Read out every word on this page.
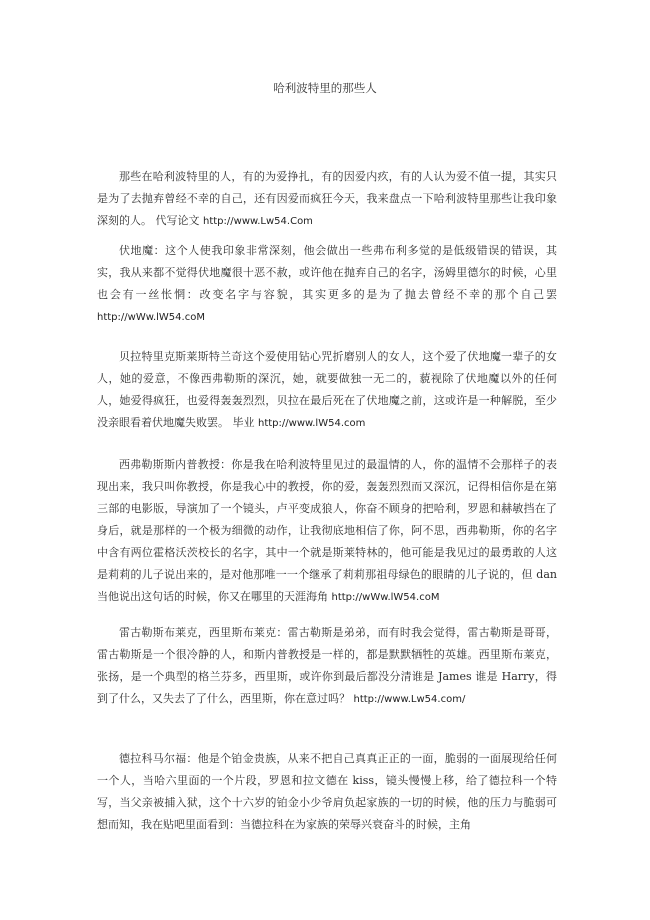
哈利波特里的那些人

那些在哈利波特里的人，有的为爱挣扎，有的因爱内疚，有的人认为爱不值一提，其实只是为了去抛弃曾经不幸的自己，还有因爱而疯狂今天，我来盘点一下哈利波特里那些让我印象深刻的人。 代写论文 http://www.Lw54.Com

伏地魔：这个人使我印象非常深刻，他会做出一些弗布利多觉的是低级错误的错误，其实，我从来都不觉得伏地魔很十恶不赦，或许他在抛弃自己的名字，汤姆里德尔的时候，心里也会有一丝怅惘：改变名字与容貌，其实更多的是为了抛去曾经不幸的那个自己罢 http://wWw.lW54.coM

贝拉特里克斯莱斯特兰奇这个爱使用钻心咒折磨别人的女人，这个爱了伏地魔一辈子的女人，她的爱意，不像西弗勒斯的深沉，她，就要做独一无二的，藐视除了伏地魔以外的任何人，她爱得疯狂，也爱得轰轰烈烈，贝拉在最后死在了伏地魔之前，这或许是一种解脱，至少没亲眼看着伏地魔失败罢。 毕业 http://www.lW54.com

西弗勒斯斯内普教授：你是我在哈利波特里见过的最温情的人，你的温情不会那样子的表现出来，我只叫你教授，你是我心中的教授，你的爱，轰轰烈烈而又深沉，记得相信你是在第三部的电影版，导演加了一个镜头，卢平变成狼人，你奋不顾身的把哈利，罗恩和赫敏挡在了身后，就是那样的一个极为细微的动作，让我彻底地相信了你，阿不思，西弗勒斯，你的名字中含有两位霍格沃茨校长的名字，其中一个就是斯莱特林的，他可能是我见过的最勇敢的人这是莉莉的儿子说出来的，是对他那唯一一个继承了莉莉那祖母绿色的眼睛的儿子说的，但 dan 当他说出这句话的时候，你又在哪里的天涯海角 http://wWw.lW54.coM

雷古勒斯布莱克，西里斯布莱克：雷古勒斯是弟弟，而有时我会觉得，雷古勒斯是哥哥，雷古勒斯是一个很冷静的人，和斯内普教授是一样的，都是默默牺牲的英雄。西里斯布莱克，张扬，是一个典型的格兰芬多，西里斯，或许你到最后都没分清谁是 James 谁是 Harry，得到了什么，又失去了了什么，西里斯，你在意过吗？ http://www.Lw54.com/

德拉科马尔福：他是个铂金贵族，从来不把自己真真正正的一面，脆弱的一面展现给任何一个人，当哈六里面的一个片段，罗恩和拉文德在 kiss，镜头慢慢上移，给了德拉科一个特写，当父亲被捕入狱，这个十六岁的铂金小少爷肩负起家族的一切的时候，他的压力与脆弱可想而知，我在贴吧里面看到：当德拉科在为家族的荣辱兴衰奋斗的时候，主角
